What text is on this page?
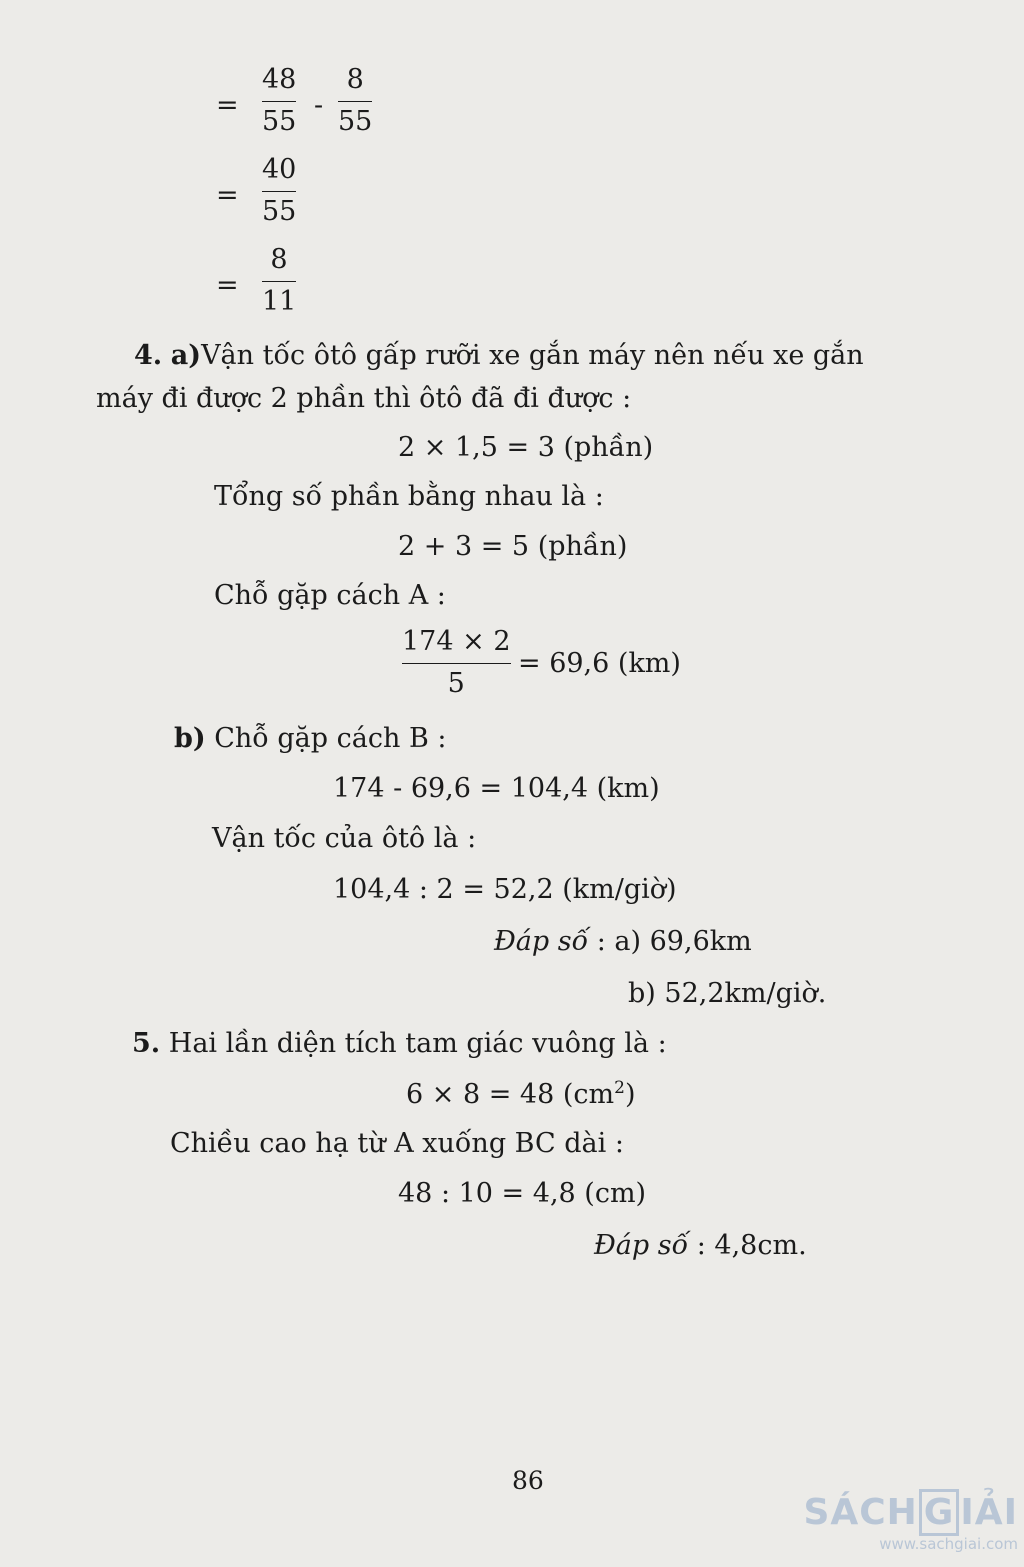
=
48
55
-
8
55
=
40
55
=
8
11
4. a)Vận tốc ôtô gấp rưỡi xe gắn máy nên nếu xe gắn
máy đi được 2 phần thì ôtô đã đi được :
2 × 1,5 = 3 (phần)
Tổng số phần bằng nhau là :
2 + 3 = 5 (phần)
Chỗ gặp cách A :
174 × 2
5
= 69,6 (km)
b) Chỗ gặp cách B :
174 - 69,6 = 104,4 (km)
Vận tốc của ôtô là :
104,4 : 2 = 52,2 (km/giờ)
Đáp số : a) 69,6km
b) 52,2km/giờ.
5. Hai lần diện tích tam giác vuông là :
6 × 8 = 48 $(cm^2)$
Chiều cao hạ từ A xuống BC dài :
48 : 10 = 4,8 (cm)
Đáp số : 4,8cm.
86
SÁCH G IẢI
www.sachgiai.com
